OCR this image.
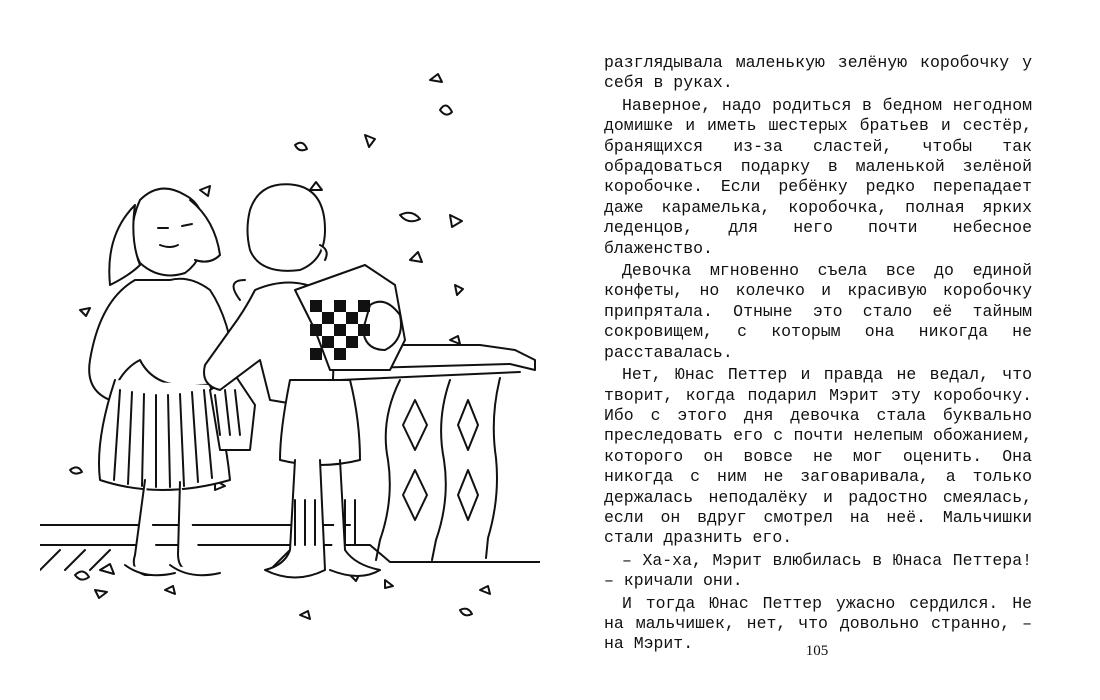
разглядывала маленькую зелёную коробочку у себя в руках.

Наверное, надо родиться в бедном негодном домишке и иметь шестерых братьев и сестёр, бранящихся из-за сластей, чтобы так обрадоваться подарку в маленькой зелёной коробочке. Если ребёнку редко перепадает даже карамелька, коробочка, полная ярких леденцов, для него почти небесное блаженство.

Девочка мгновенно съела все до единой конфеты, но колечко и красивую коробочку припрятала. Отныне это стало её тайным сокровищем, с которым она никогда не расставалась.

Нет, Юнас Петтер и правда не ведал, что творит, когда подарил Мэрит эту коробочку. Ибо с этого дня девочка стала буквально преследовать его с почти нелепым обожанием, которого он вовсе не мог оценить. Она никогда с ним не заговаривала, а только держалась неподалёку и радостно смеялась, если он вдруг смотрел на неё. Мальчишки стали дразнить его.

– Ха-ха, Мэрит влюбилась в Юнаса Петтера! – кричали они.

И тогда Юнас Петтер ужасно сердился. Не на мальчишек, нет, что довольно странно, – на Мэрит.	105
